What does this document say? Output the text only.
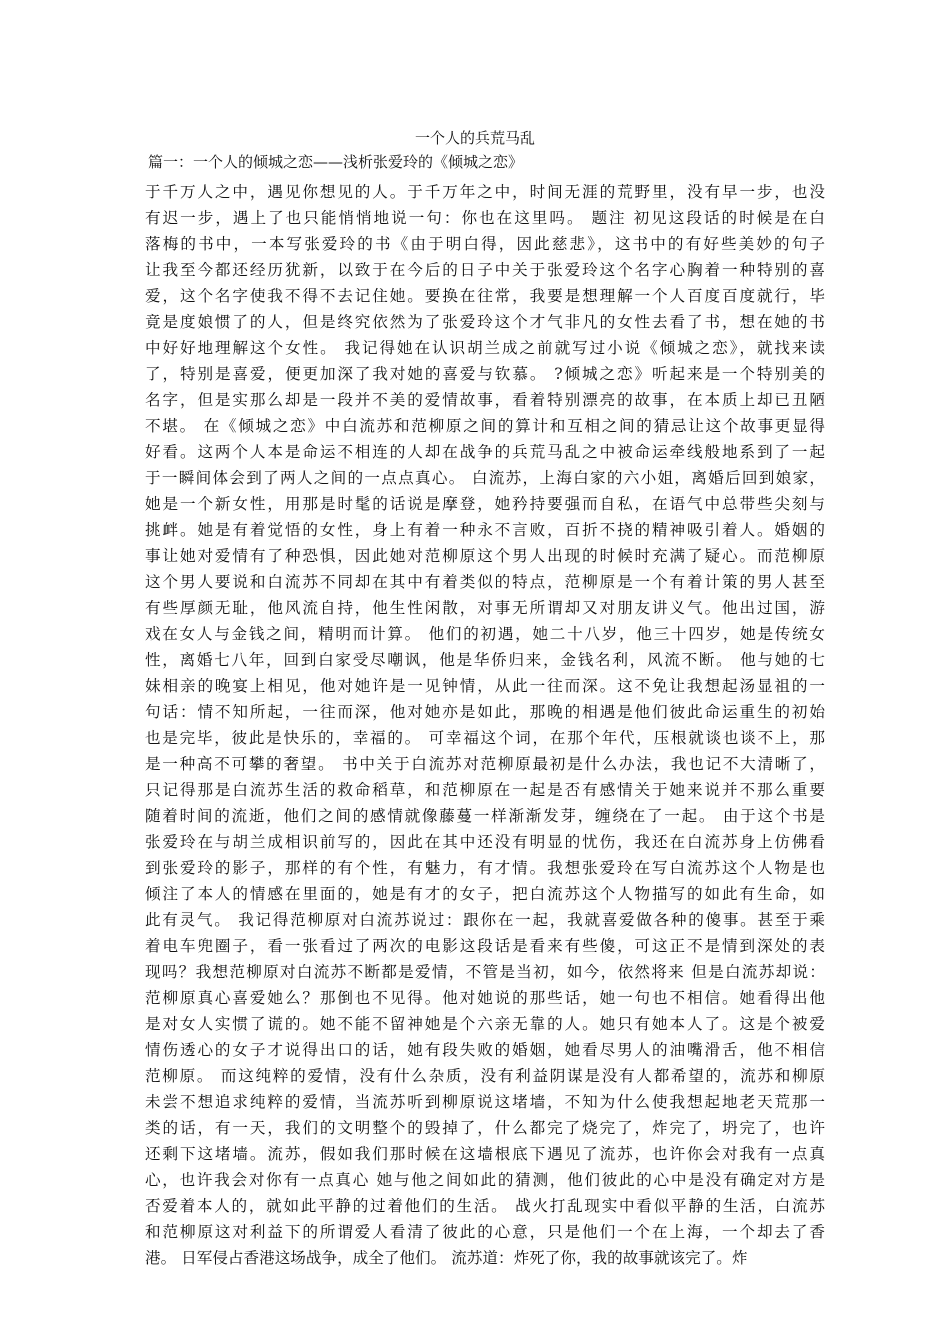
一个人的兵荒马乱
篇一：一个人的倾城之恋——浅析张爱玲的《倾城之恋》
于千万人之中，遇见你想见的人。于千万年之中，时间无涯的荒野里，没有早一步，也没
有迟一步，遇上了也只能悄悄地说一句：你也在这里吗。 题注 初见这段话的时候是在白
落梅的书中，一本写张爱玲的书《由于明白得，因此慈悲》，这书中的有好些美妙的句子
让我至今都还经历犹新，以致于在今后的日子中关于张爱玲这个名字心胸着一种特别的喜
爱，这个名字使我不得不去记住她。要换在往常，我要是想理解一个人百度百度就行，毕
竟是度娘惯了的人，但是终究依然为了张爱玲这个才气非凡的女性去看了书，想在她的书
中好好地理解这个女性。 我记得她在认识胡兰成之前就写过小说《倾城之恋》，就找来读
了，特别是喜爱，便更加深了我对她的喜爱与钦慕。 ?倾城之恋》听起来是一个特别美的
名字，但是实那么却是一段并不美的爱情故事，看着特别漂亮的故事，在本质上却已丑陋
不堪。 在《倾城之恋》中白流苏和范柳原之间的算计和互相之间的猜忌让这个故事更显得
好看。这两个人本是命运不相连的人却在战争的兵荒马乱之中被命运牵线般地系到了一起
于一瞬间体会到了两人之间的一点点真心。 白流苏，上海白家的六小姐，离婚后回到娘家，
她是一个新女性，用那是时髦的话说是摩登，她矜持要强而自私，在语气中总带些尖刻与
挑衅。她是有着觉悟的女性，身上有着一种永不言败，百折不挠的精神吸引着人。婚姻的
事让她对爱情有了种恐惧，因此她对范柳原这个男人出现的时候时充满了疑心。而范柳原
这个男人要说和白流苏不同却在其中有着类似的特点，范柳原是一个有着计策的男人甚至
有些厚颜无耻，他风流自持，他生性闲散，对事无所谓却又对朋友讲义气。他出过国，游
戏在女人与金钱之间，精明而计算。 他们的初遇，她二十八岁，他三十四岁，她是传统女
性，离婚七八年，回到白家受尽嘲讽，他是华侨归来，金钱名利，风流不断。 他与她的七
妹相亲的晚宴上相见，他对她许是一见钟情，从此一往而深。这不免让我想起汤显祖的一
句话：情不知所起，一往而深，他对她亦是如此，那晚的相遇是他们彼此命运重生的初始
也是完毕，彼此是快乐的，幸福的。 可幸福这个词，在那个年代，压根就谈也谈不上，那
是一种高不可攀的奢望。 书中关于白流苏对范柳原最初是什么办法，我也记不大清晰了，
只记得那是白流苏生活的救命稻草，和范柳原在一起是否有感情关于她来说并不那么重要
随着时间的流逝，他们之间的感情就像藤蔓一样渐渐发芽，缠绕在了一起。 由于这个书是
张爱玲在与胡兰成相识前写的，因此在其中还没有明显的忧伤，我还在白流苏身上仿佛看
到张爱玲的影子，那样的有个性，有魅力，有才情。我想张爱玲在写白流苏这个人物是也
倾注了本人的情感在里面的，她是有才的女子，把白流苏这个人物描写的如此有生命，如
此有灵气。 我记得范柳原对白流苏说过：跟你在一起，我就喜爱做各种的傻事。甚至于乘
着电车兜圈子，看一张看过了两次的电影这段话是看来有些傻，可这正不是情到深处的表
现吗？我想范柳原对白流苏不断都是爱情，不管是当初，如今，依然将来 但是白流苏却说：
范柳原真心喜爱她么？那倒也不见得。他对她说的那些话，她一句也不相信。她看得出他
是对女人实惯了谎的。她不能不留神她是个六亲无靠的人。她只有她本人了。这是个被爱
情伤透心的女子才说得出口的话，她有段失败的婚姻，她看尽男人的油嘴滑舌，他不相信
范柳原。 而这纯粹的爱情，没有什么杂质，没有利益阴谋是没有人都希望的，流苏和柳原
未尝不想追求纯粹的爱情，当流苏听到柳原说这堵墙，不知为什么使我想起地老天荒那一
类的话，有一天，我们的文明整个的毁掉了，什么都完了烧完了，炸完了，坍完了，也许
还剩下这堵墙。流苏，假如我们那时候在这墙根底下遇见了流苏，也许你会对我有一点真
心，也许我会对你有一点真心 她与他之间如此的猜测，他们彼此的心中是没有确定对方是
否爱着本人的，就如此平静的过着他们的生活。 战火打乱现实中看似平静的生活，白流苏
和范柳原这对利益下的所谓爱人看清了彼此的心意，只是他们一个在上海，一个却去了香
港。 日军侵占香港这场战争，成全了他们。 流苏道：炸死了你，我的故事就该完了。炸
